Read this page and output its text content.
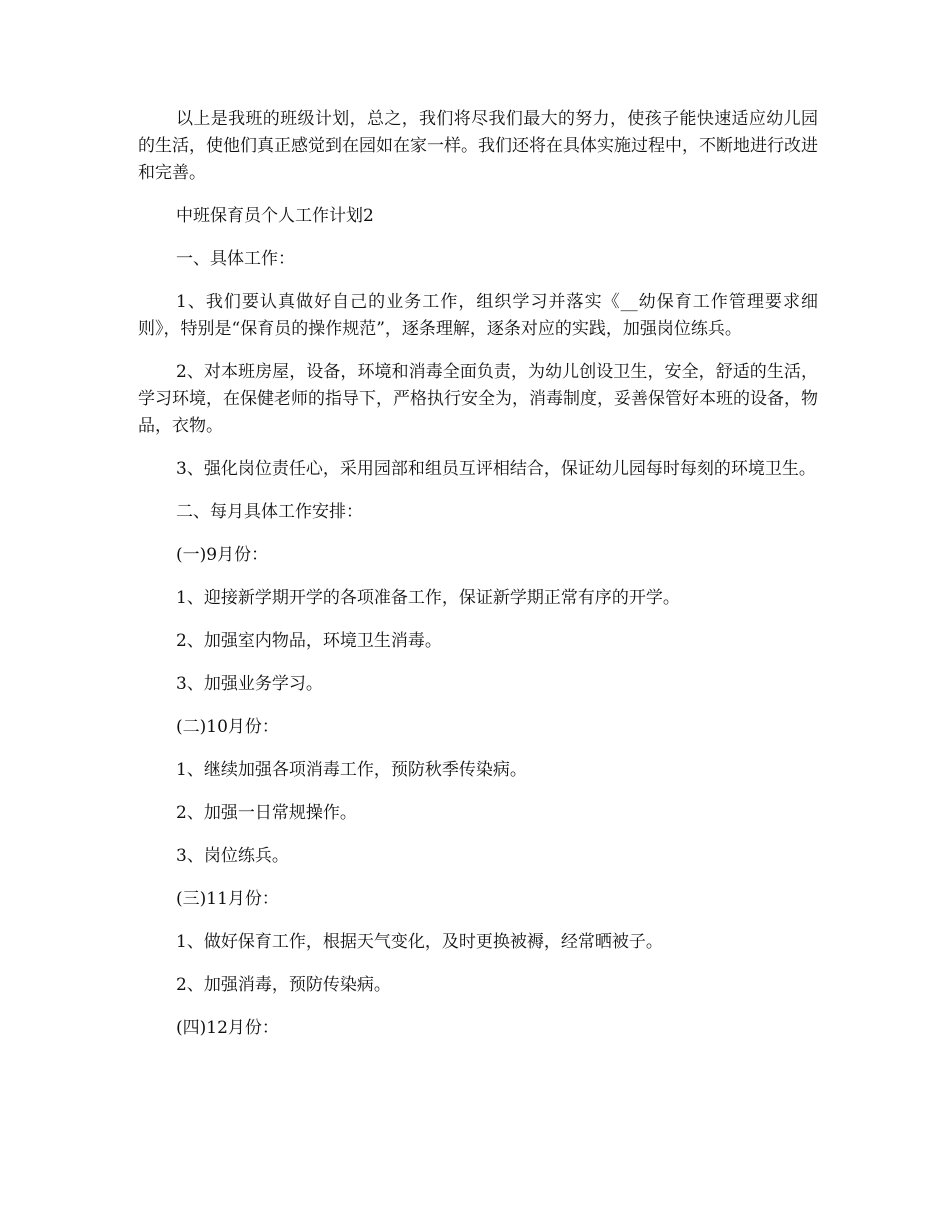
以上是我班的班级计划，总之，我们将尽我们最大的努力，使孩子能快速适应幼儿园的生活，使他们真正感觉到在园如在家一样。我们还将在具体实施过程中，不断地进行改进和完善。

中班保育员个人工作计划2

一、具体工作：

1、我们要认真做好自己的业务工作，组织学习并落实《__幼保育工作管理要求细则》，特别是“保育员的操作规范”，逐条理解，逐条对应的实践，加强岗位练兵。

2、对本班房屋，设备，环境和消毒全面负责，为幼儿创设卫生，安全，舒适的生活，学习环境，在保健老师的指导下，严格执行安全为，消毒制度，妥善保管好本班的设备，物品，衣物。

3、强化岗位责任心，采用园部和组员互评相结合，保证幼儿园每时每刻的环境卫生。

二、每月具体工作安排：

(一)9月份：

1、迎接新学期开学的各项准备工作，保证新学期正常有序的开学。

2、加强室内物品，环境卫生消毒。

3、加强业务学习。

(二)10月份：

1、继续加强各项消毒工作，预防秋季传染病。

2、加强一日常规操作。

3、岗位练兵。

(三)11月份：

1、做好保育工作，根据天气变化，及时更换被褥，经常晒被子。

2、加强消毒，预防传染病。

(四)12月份：
